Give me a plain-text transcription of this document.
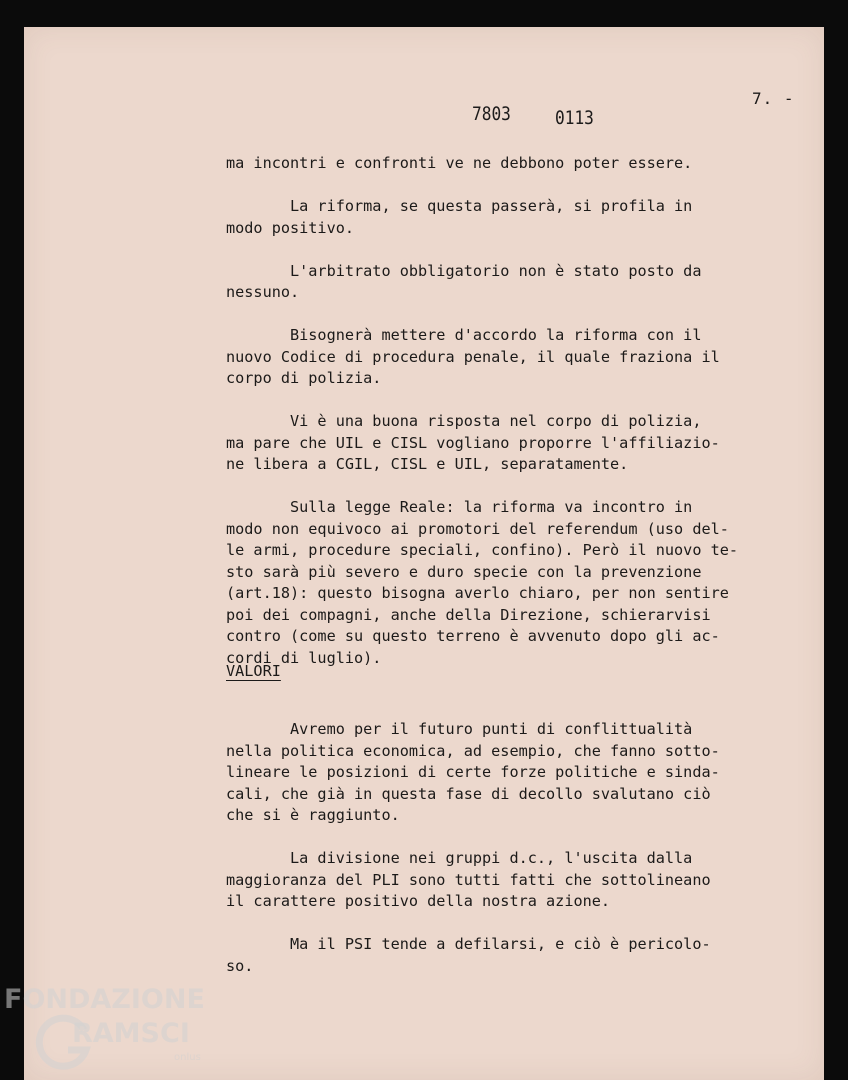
7803 0113
7. -
ma incontri e confronti ve ne debbono poter essere.

La riforma, se questa passerà, si profila in
modo positivo.

L'arbitrato obbligatorio non è stato posto da
nessuno.

Bisognerà mettere d'accordo la riforma con il
nuovo Codice di procedura penale, il quale fraziona il
corpo di polizia.

Vi è una buona risposta nel corpo di polizia,
ma pare che UIL e CISL vogliano proporre l'affiliazio-
ne libera a CGIL, CISL e UIL, separatamente.

Sulla legge Reale: la riforma va incontro in
modo non equivoco ai promotori del referendum (uso del-
le armi, procedure speciali, confino). Però il nuovo te-
sto sarà più severo e duro specie con la prevenzione
(art.18): questo bisogna averlo chiaro, per non sentire
poi dei compagni, anche della Direzione, schierarvisi
contro (come su questo terreno è avvenuto dopo gli ac-
cordi di luglio).
VALORI
Avremo per il futuro punti di conflittualità
nella politica economica, ad esempio, che fanno sotto-
lineare le posizioni di certe forze politiche e sinda-
cali, che già in questa fase di decollo svalutano ciò
che si è raggiunto.

La divisione nei gruppi d.c., l'uscita dalla
maggioranza del PLI sono tutti fatti che sottolineano
il carattere positivo della nostra azione.

Ma il PSI tende a defilarsi, e ciò è pericolo-
so.
FONDAZIONE
RAMSCI
onlus
